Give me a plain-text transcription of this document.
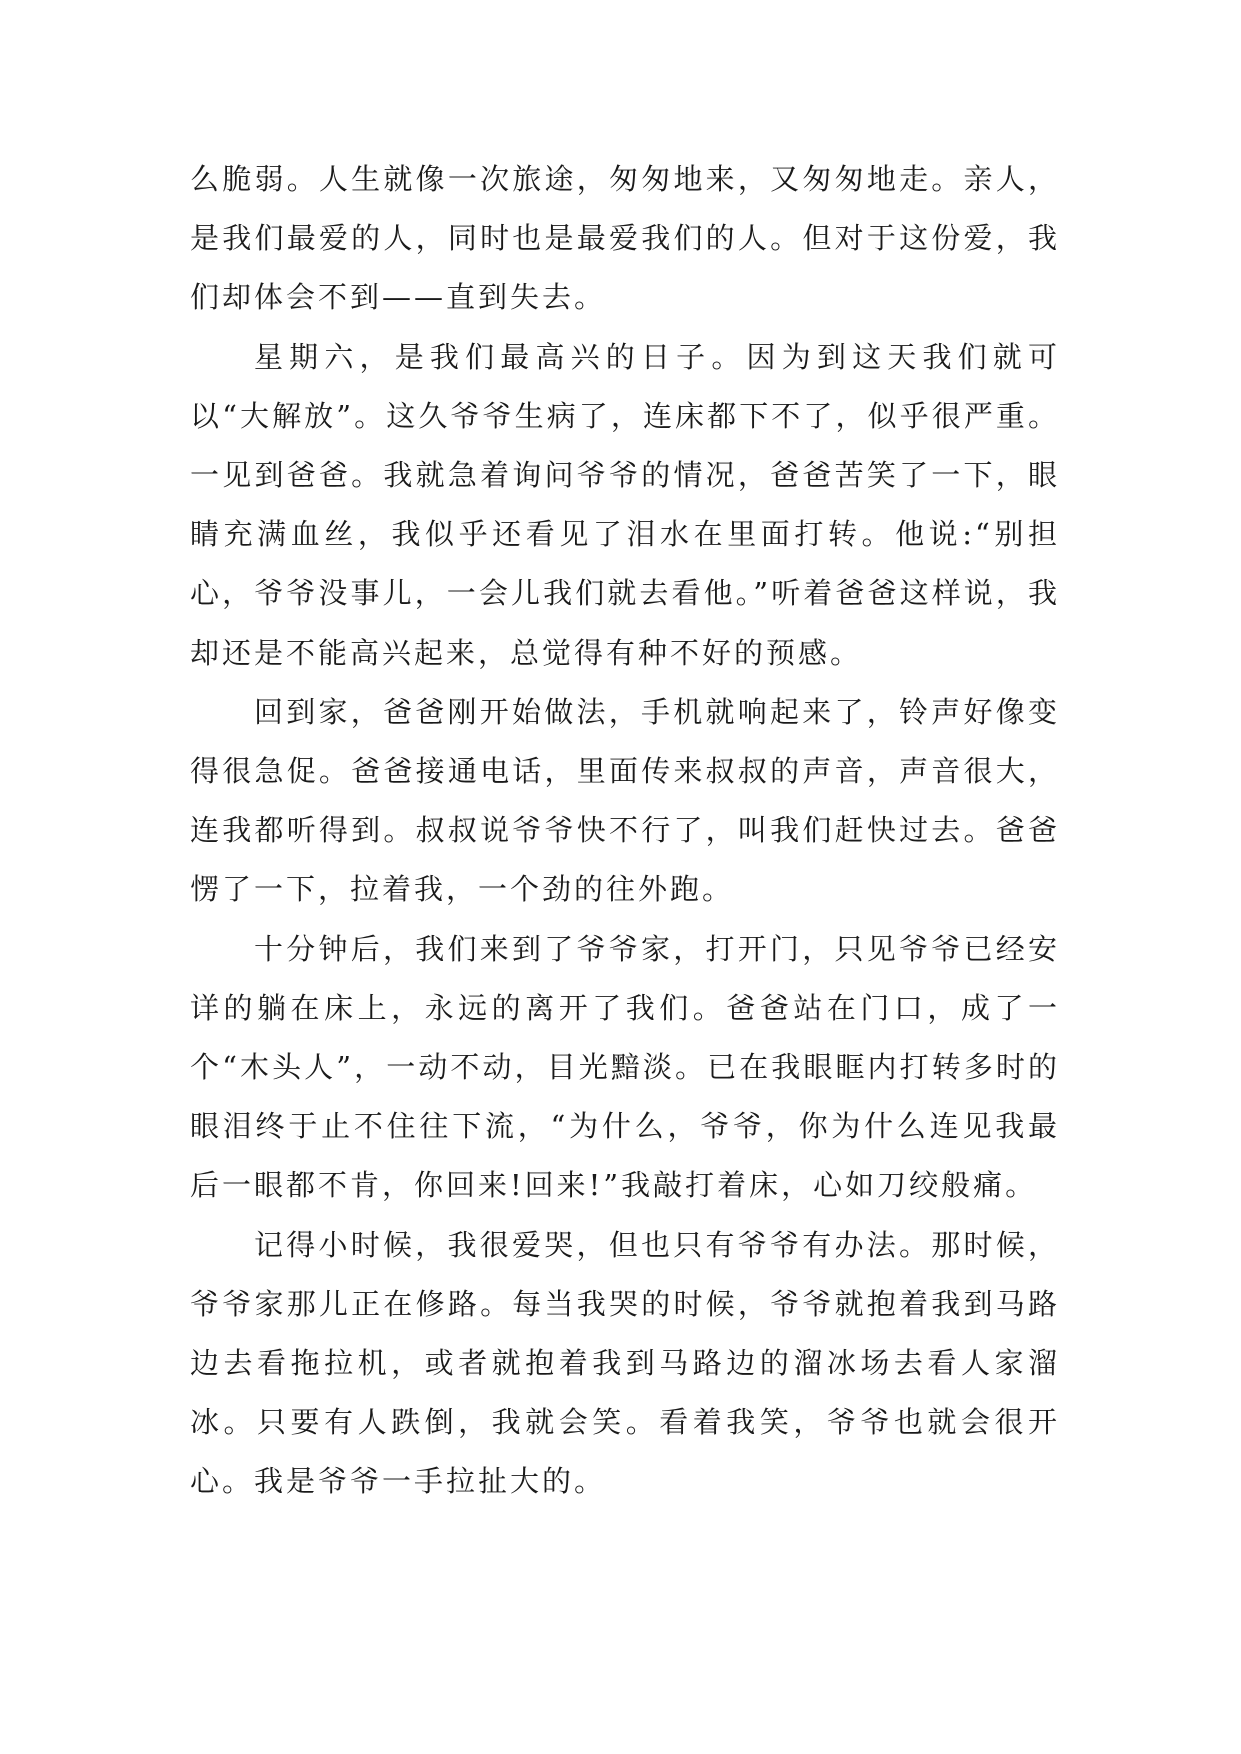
么脆弱。人生就像一次旅途，匆匆地来，又匆匆地走。亲人，是我们最爱的人，同时也是最爱我们的人。但对于这份爱，我们却体会不到——直到失去。

星期六，是我们最高兴的日子。因为到这天我们就可以“大解放”。这久爷爷生病了，连床都下不了，似乎很严重。一见到爸爸。我就急着询问爷爷的情况，爸爸苦笑了一下，眼睛充满血丝，我似乎还看见了泪水在里面打转。他说:“别担心，爷爷没事儿，一会儿我们就去看他。”听着爸爸这样说，我却还是不能高兴起来，总觉得有种不好的预感。

回到家，爸爸刚开始做法，手机就响起来了，铃声好像变得很急促。爸爸接通电话，里面传来叔叔的声音，声音很大，连我都听得到。叔叔说爷爷快不行了，叫我们赶快过去。爸爸愣了一下，拉着我，一个劲的往外跑。

十分钟后，我们来到了爷爷家，打开门，只见爷爷已经安详的躺在床上，永远的离开了我们。爸爸站在门口，成了一个“木头人”，一动不动，目光黯淡。已在我眼眶内打转多时的眼泪终于止不住往下流，“为什么，爷爷，你为什么连见我最后一眼都不肯，你回来!回来!”我敲打着床，心如刀绞般痛。

记得小时候，我很爱哭，但也只有爷爷有办法。那时候，爷爷家那儿正在修路。每当我哭的时候，爷爷就抱着我到马路边去看拖拉机，或者就抱着我到马路边的溜冰场去看人家溜冰。只要有人跌倒，我就会笑。看着我笑，爷爷也就会很开心。我是爷爷一手拉扯大的。
